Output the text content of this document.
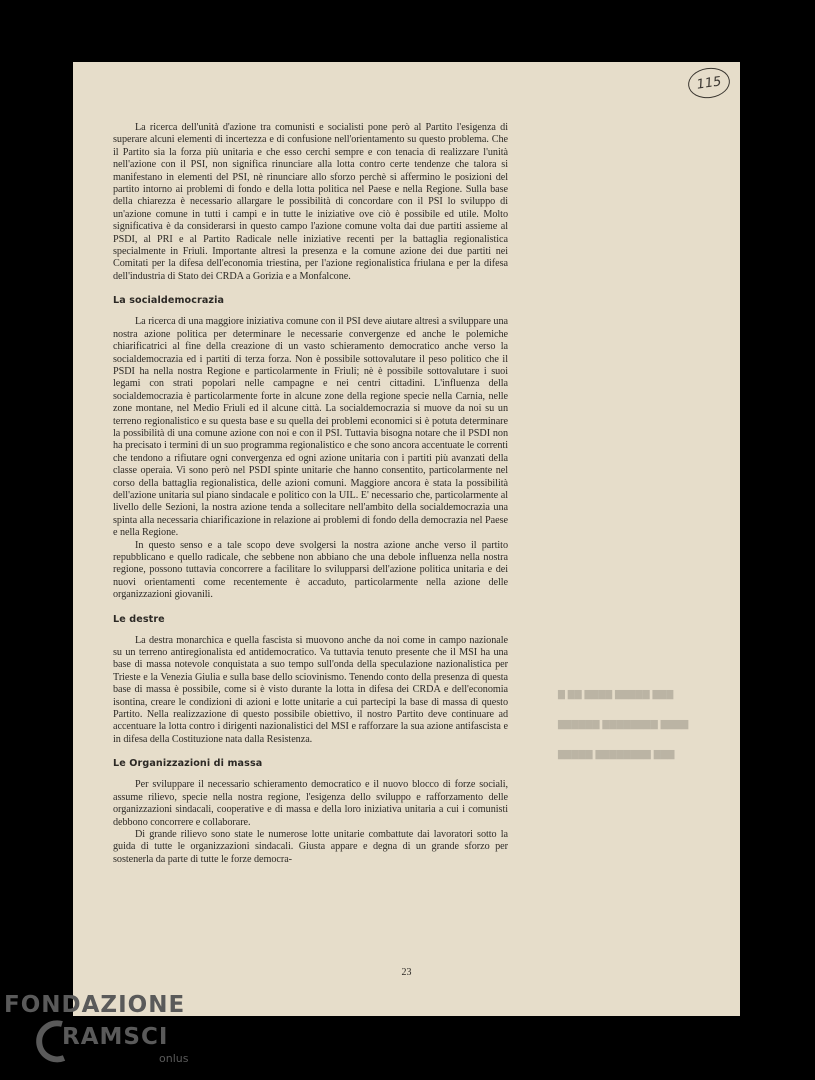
115

La ricerca dell'unità d'azione tra comunisti e socialisti pone però al Partito l'esigenza di superare alcuni elementi di incertezza e di confusione nell'orientamento su questo problema. Che il Partito sia la forza più unitaria e che esso cerchi sempre e con tenacia di realizzare l'unità nell'azione con il PSI, non significa rinunciare alla lotta contro certe tendenze che talora si manifestano in elementi del PSI, nè rinunciare allo sforzo perchè si affermino le posizioni del partito intorno ai problemi di fondo e della lotta politica nel Paese e nella Regione. Sulla base della chiarezza è necessario allargare le possibilità di concordare con il PSI lo sviluppo di un'azione comune in tutti i campi e in tutte le iniziative ove ciò è possibile ed utile. Molto significativa è da considerarsi in questo campo l'azione comune volta dai due partiti assieme al PSDI, al PRI e al Partito Radicale nelle iniziative recenti per la battaglia regionalistica specialmente in Friuli. Importante altresì la presenza e la comune azione dei due partiti nei Comitati per la difesa dell'economia triestina, per l'azione regionalistica friulana e per la difesa dell'industria di Stato dei CRDA a Gorizia e a Monfalcone.

La socialdemocrazia

La ricerca di una maggiore iniziativa comune con il PSI deve aiutare altresì a sviluppare una nostra azione politica per determinare le necessarie convergenze ed anche le polemiche chiarificatrici al fine della creazione di un vasto schieramento democratico anche verso la socialdemocrazia ed i partiti di terza forza. Non è possibile sottovalutare il peso politico che il PSDI ha nella nostra Regione e particolarmente in Friuli; nè è possibile sottovalutare i suoi legami con strati popolari nelle campagne e nei centri cittadini. L'influenza della socialdemocrazia è particolarmente forte in alcune zone della regione specie nella Carnia, nelle zone montane, nel Medio Friuli ed il alcune città. La socialdemocrazia si muove da noi su un terreno regionalistico e su questa base e su quella dei problemi economici si è potuta determinare la possibilità di una comune azione con noi e con il PSI. Tuttavia bisogna notare che il PSDI non ha precisato i termini di un suo programma regionalistico e che sono ancora accentuate le correnti che tendono a rifiutare ogni convergenza ed ogni azione unitaria con i partiti più avanzati della classe operaia. Vi sono però nel PSDI spinte unitarie che hanno consentito, particolarmente nel corso della battaglia regionalistica, delle azioni comuni. Maggiore ancora è stata la possibilità dell'azione unitaria sul piano sindacale e politico con la UIL. E' necessario che, particolarmente al livello delle Sezioni, la nostra azione tenda a sollecitare nell'ambito della socialdemocrazia una spinta alla necessaria chiarificazione in relazione ai problemi di fondo della democrazia nel Paese e nella Regione.

In questo senso e a tale scopo deve svolgersi la nostra azione anche verso il partito repubblicano e quello radicale, che sebbene non abbiano che una debole influenza nella nostra regione, possono tuttavia concorrere a facilitare lo svilupparsi dell'azione politica unitaria e dei nuovi orientamenti come recentemente è accaduto, particolarmente nella azione delle organizzazioni giovanili.

Le destre

La destra monarchica e quella fascista si muovono anche da noi come in campo nazionale su un terreno antiregionalista ed antidemocratico. Va tuttavia tenuto presente che il MSI ha una base di massa notevole conquistata a suo tempo sull'onda della speculazione nazionalistica per Trieste e la Venezia Giulia e sulla base dello sciovinismo. Tenendo conto della presenza di questa base di massa è possibile, come si è visto durante la lotta in difesa dei CRDA e dell'economia isontina, creare le condizioni di azioni e lotte unitarie a cui partecipi la base di massa di questo Partito. Nella realizzazione di questo possibile obiettivo, il nostro Partito deve continuare ad accentuare la lotta contro i dirigenti nazionalistici del MSI e rafforzare la sua azione antifascista e in difesa della Costituzione nata dalla Resistenza.

Le Organizzazioni di massa

Per sviluppare il necessario schieramento democratico e il nuovo blocco di forze sociali, assume rilievo, specie nella nostra regione, l'esigenza dello sviluppo e rafforzamento delle organizzazioni sindacali, cooperative e di massa e della loro iniziativa unitaria a cui i comunisti debbono concorrere e collaborare.

Di grande rilievo sono state le numerose lotte unitarie combattute dai lavoratori sotto la guida di tutte le organizzazioni sindacali. Giusta appare e degna di un grande sforzo per sostenerla da parte di tutte le forze democra-

▇ ▇▇ ▇▇▇▇ ▇▇▇▇▇ ▇▇▇
▇▇▇▇▇▇ ▇▇▇▇▇▇▇▇ ▇▇▇▇
▇▇▇▇▇ ▇▇▇▇▇▇▇▇ ▇▇▇
23
FONDAZIONE
RAMSCI
onlus
